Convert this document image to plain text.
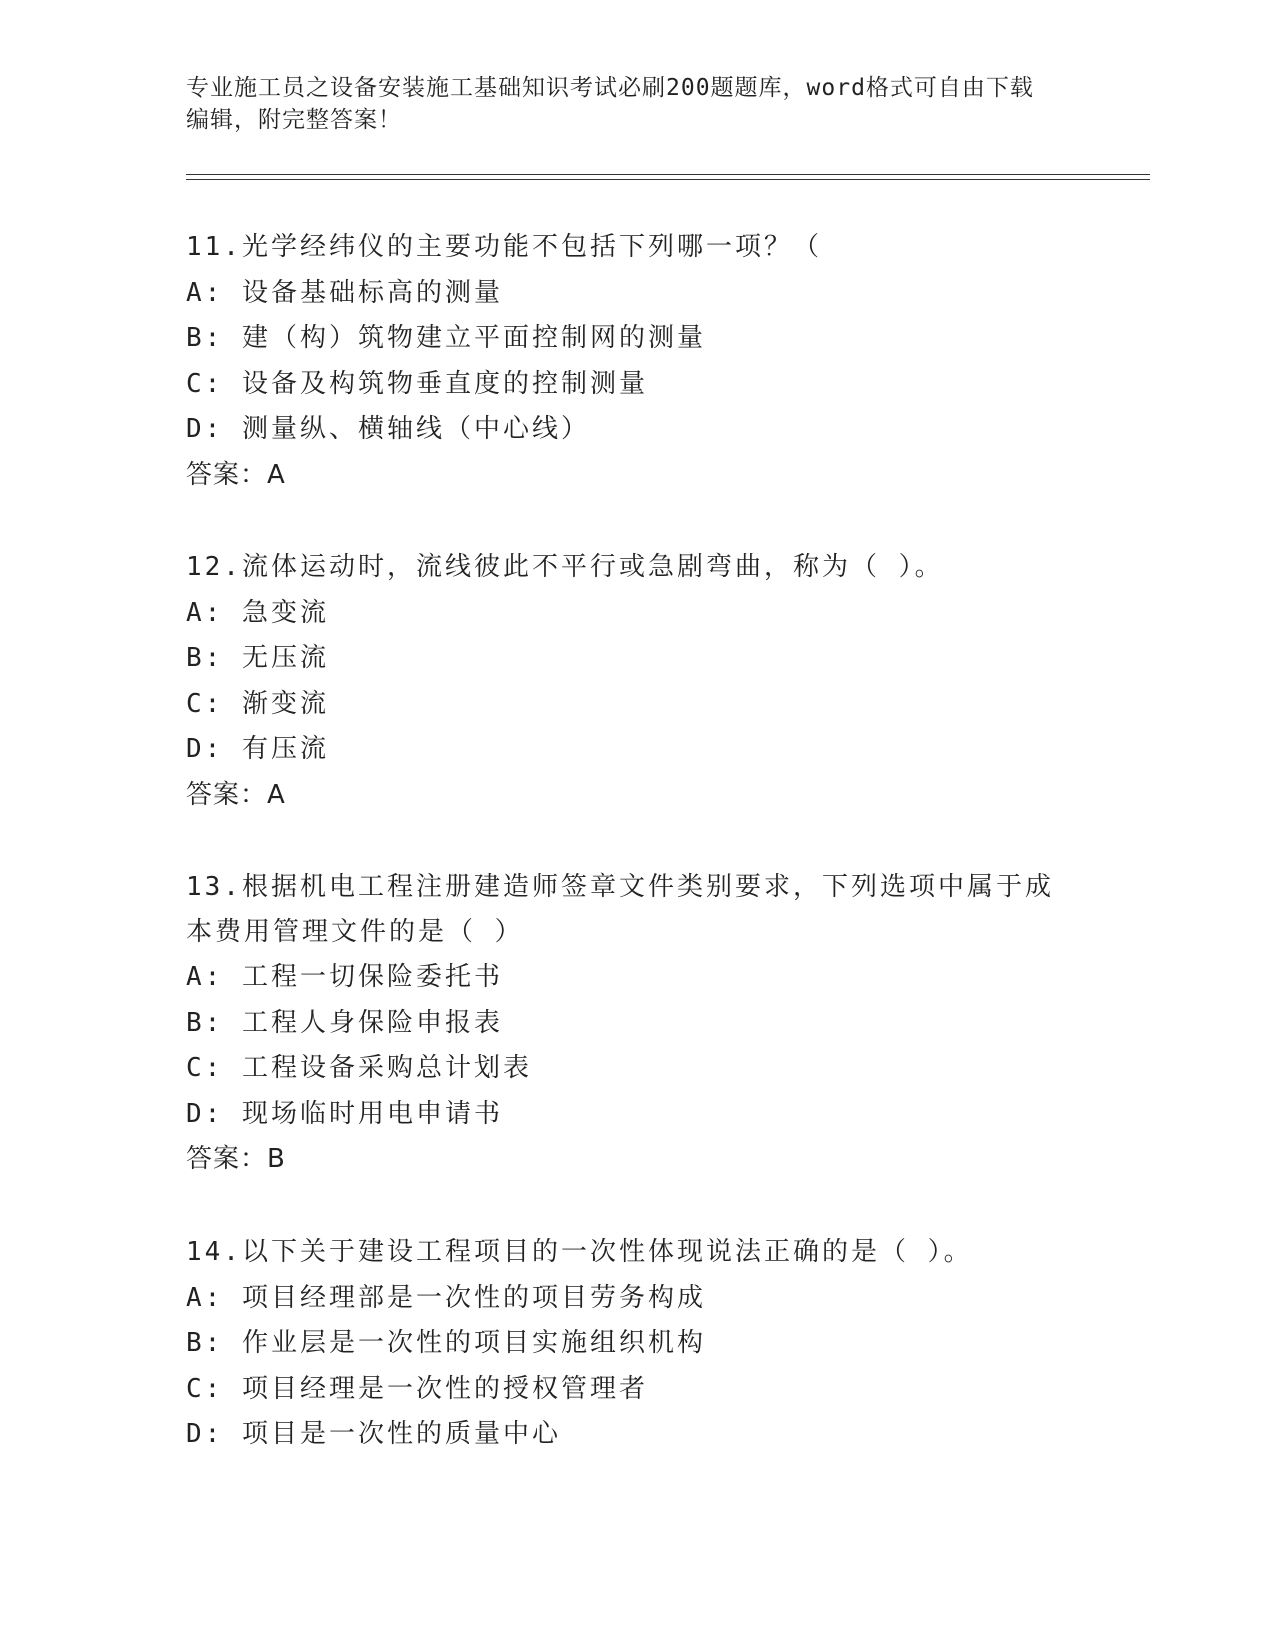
专业施工员之设备安装施工基础知识考试必刷200题题库，word格式可自由下载
编辑，附完整答案！
11.光学经纬仪的主要功能不包括下列哪一项？（
A: 设备基础标高的测量
B: 建（构）筑物建立平面控制网的测量
C: 设备及构筑物垂直度的控制测量
D: 测量纵、横轴线（中心线）
答案：A
12.流体运动时，流线彼此不平行或急剧弯曲，称为（ ）。
A: 急变流
B: 无压流
C: 渐变流
D: 有压流
答案：A
13.根据机电工程注册建造师签章文件类别要求，下列选项中属于成本费用管理文件的是（ ）
A: 工程一切保险委托书
B: 工程人身保险申报表
C: 工程设备采购总计划表
D: 现场临时用电申请书
答案：B
14.以下关于建设工程项目的一次性体现说法正确的是（ ）。
A: 项目经理部是一次性的项目劳务构成
B: 作业层是一次性的项目实施组织机构
C: 项目经理是一次性的授权管理者
D: 项目是一次性的质量中心
